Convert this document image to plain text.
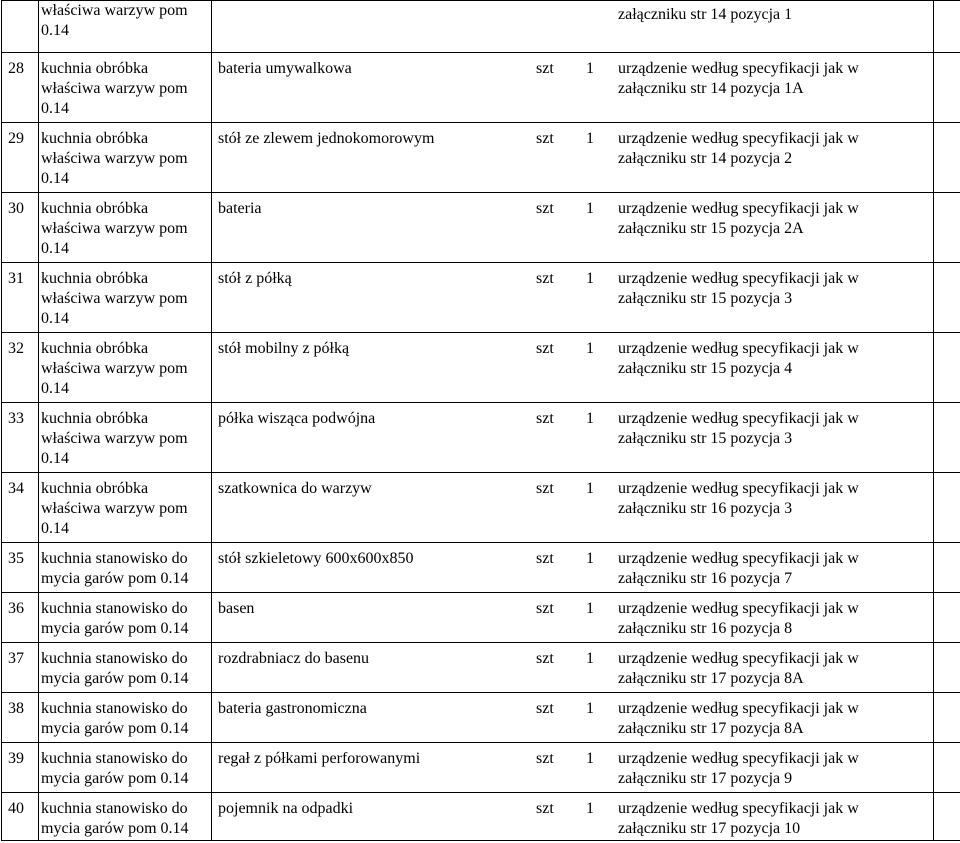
	właściwa warzyw pom
0.14				załączniku str 14 pozycja 1	

28	kuchnia obróbka
właściwa warzyw pom
0.14	bateria umywalkowa	szt	1	urządzenie według specyfikacji jak w
załączniku str 14 pozycja 1A	

29	kuchnia obróbka
właściwa warzyw pom
0.14	stół ze zlewem jednokomorowym	szt	1	urządzenie według specyfikacji jak w
załączniku str 14 pozycja 2	

30	kuchnia obróbka
właściwa warzyw pom
0.14	bateria	szt	1	urządzenie według specyfikacji jak w
załączniku str 15 pozycja 2A	

31	kuchnia obróbka
właściwa warzyw pom
0.14	stół z półką	szt	1	urządzenie według specyfikacji jak w
załączniku str 15 pozycja 3	

32	kuchnia obróbka
właściwa warzyw pom
0.14	stół mobilny z półką	szt	1	urządzenie według specyfikacji jak w
załączniku str 15 pozycja 4	

33	kuchnia obróbka
właściwa warzyw pom
0.14	półka wisząca podwójna	szt	1	urządzenie według specyfikacji jak w
załączniku str 15 pozycja 3	

34	kuchnia obróbka
właściwa warzyw pom
0.14	szatkownica do warzyw	szt	1	urządzenie według specyfikacji jak w
załączniku str 16 pozycja 3	

35	kuchnia stanowisko do
mycia garów pom 0.14	stół szkieletowy 600x600x850	szt	1	urządzenie według specyfikacji jak w
załączniku str 16 pozycja 7	

36	kuchnia stanowisko do
mycia garów pom 0.14	basen	szt	1	urządzenie według specyfikacji jak w
załączniku str 16 pozycja 8	

37	kuchnia stanowisko do
mycia garów pom 0.14	rozdrabniacz do basenu	szt	1	urządzenie według specyfikacji jak w
załączniku str 17 pozycja 8A	

38	kuchnia stanowisko do
mycia garów pom 0.14	bateria gastronomiczna	szt	1	urządzenie według specyfikacji jak w
załączniku str 17 pozycja 8A	

39	kuchnia stanowisko do
mycia garów pom 0.14	regał z półkami perforowanymi	szt	1	urządzenie według specyfikacji jak w
załączniku str 17 pozycja 9	

40	kuchnia stanowisko do
mycia garów pom 0.14	pojemnik na odpadki	szt	1	urządzenie według specyfikacji jak w
załączniku str 17 pozycja 10	
